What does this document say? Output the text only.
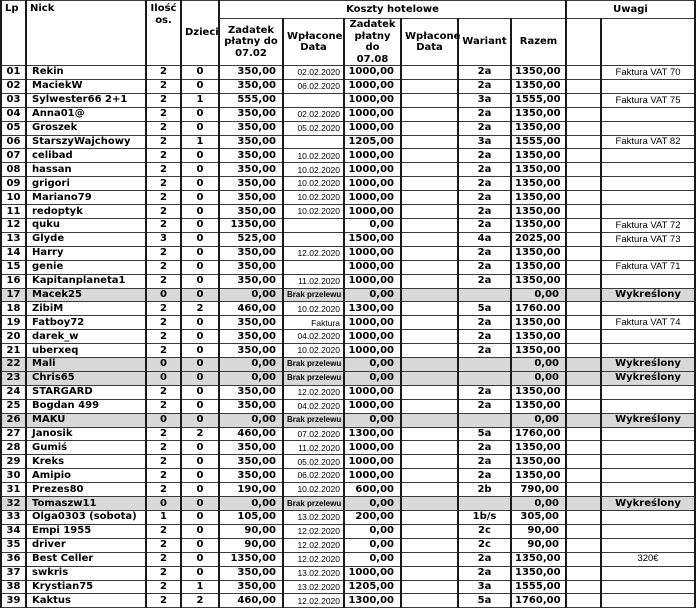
Lp	Nick	Ilość os.	Dzieci	Koszty hotelowe						Uwagi	
				Zadatek płatny do 07.02	Wpłacone Data	Zadatek płatny do 07.08	Wpłacone Data	Wariant	Razem		
01	Rekin	2	0	350,00	02.02.2020	1000,00		2a	1350,00		Faktura VAT 70
02	MaciekW	2	0	350,00	06.02.2020	1000,00		2a	1350,00		
03	Sylwester66 2+1	2	1	555,00		1000,00		3a	1555,00		Faktura VAT 75
04	Anna01@	2	0	350,00	02.02.2020	1000,00		2a	1350,00		
05	Groszek	2	0	350,00	05.02.2020	1000,00		2a	1350,00		
06	StarszyWajchowy	2	1	350,00		1205,00		3a	1555,00		Faktura VAT 82
07	celibad	2	0	350,00	10.02.2020	1000,00		2a	1350,00		
08	hassan	2	0	350,00	10.02.2020	1000,00		2a	1350,00		
09	grigori	2	0	350,00	10.02.2020	1000,00		2a	1350,00		
10	Mariano79	2	0	350,00	10.02.2020	1000,00		2a	1350,00		
11	redoptyk	2	0	350,00	10.02.2020	1000,00		2a	1350,00		
12	quku	2	0	1350,00		0,00		2a	1350,00		Faktura VAT 72
13	Glyde	3	0	525,00		1500,00		4a	2025,00		Faktura VAT 73
14	Harry	2	0	350,00	12.02.2020	1000,00		2a	1350,00		
15	genie	2	0	350,00		1000,00		2a	1350,00		Faktura VAT 71
16	Kapitanplaneta1	2	0	350,00	11.02.2020	1000,00		2a	1350,00		
17	Macek25	0	0	0,00	Brak przelewu	0,00			0,00		Wykreślony
18	ZibiM	2	2	460,00	10.02.2020	1300,00		5a	1760.00		
19	Fatboy72	2	0	350,00	Faktura	1000,00		2a	1350,00		Faktura VAT 74
20	darek_w	2	0	350,00	04.02.2020	1000,00		2a	1350,00		
21	uberxeq	2	0	350,00	10.02.2020	1000,00		2a	1350,00		
22	Mali	0	0	0,00	Brak przelewu	0,00			0,00		Wykreślony
23	Chris65	0	0	0,00	Brak przelewu	0,00			0,00		Wykreślony
24	STARGARD	2	0	350,00	12.02.2020	1000,00		2a	1350,00		
25	Bogdan 499	2	0	350,00	04.02.2020	1000,00		2a	1350,00		
26	MAKU	0	0	0,00	Brak przelewu	0,00			0,00		Wykreślony
27	Janosik	2	2	460,00	07.02.2020	1300,00		5a	1760,00		
28	Gumiś	2	0	350,00	11.02.2020	1000,00		2a	1350,00		
29	Kreks	2	0	350,00	05.02.2020	1000,00		2a	1350,00		
30	Amipio	2	0	350,00	06.02.2020	1000,00		2a	1350,00		
31	Prezes80	2	0	190,00	10.02.2020	600,00		2b	790,00		
32	Tomaszw11	0	0	0,00	Brak przelewu	0,00			0,00		Wykreślony
33	Olga0303 (sobota)	1	0	105,00	13.02.2020	200,00		1b/s	305,00		
34	Empi 1955	2	0	90,00	12.02.2020	0,00		2c	90,00		
35	driver	2	0	90,00	12.02.2020	0,00		2c	90,00		
36	Best Celler	2	0	1350,00	12.02.2020	0,00		2a	1350,00		320€
37	swkris	2	0	350,00	13.02.2020	1000,00		2a	1350,00		
38	Krystian75	2	1	350,00	13.02.2020	1205,00		3a	1555,00		
39	Kaktus	2	2	460,00	12.02.2020	1300,00		5a	1760,00		
